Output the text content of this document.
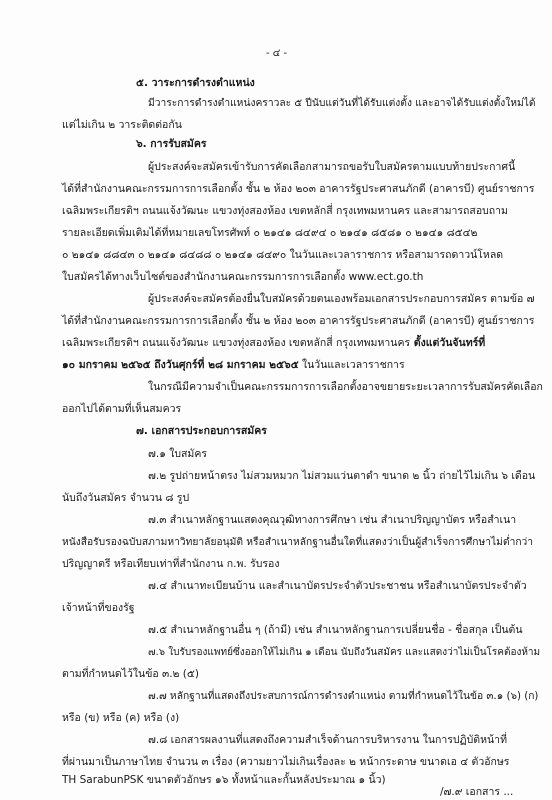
- ๔ -
๕. วาระการดำรงตำแหน่ง
มีวาระการดำรงตำแหน่งคราวละ ๕ ปีนับแต่วันที่ได้รับแต่งตั้ง และอาจได้รับแต่งตั้งใหม่ได้
แต่ไม่เกิน ๒ วาระติดต่อกัน
๖. การรับสมัคร
ผู้ประสงค์จะสมัครเข้ารับการคัดเลือกสามารถขอรับใบสมัครตามแบบท้ายประกาศนี้
ได้ที่สำนักงานคณะกรรมการการเลือกตั้ง ชั้น ๒ ห้อง ๒๐๓ อาคารรัฐประศาสนภักดี (อาคารบี) ศูนย์ราชการ
เฉลิมพระเกียรติฯ ถนนแจ้งวัฒนะ แขวงทุ่งสองห้อง เขตหลักสี่ กรุงเทพมหานคร และสามารถสอบถาม
รายละเอียดเพิ่มเติมได้ที่หมายเลขโทรศัพท์ ๐ ๒๑๔๑ ๘๔๙๔ ๐ ๒๑๔๑ ๘๕๘๑ ๐ ๒๑๔๑ ๘๕๔๒
๐ ๒๑๔๑ ๘๘๔๓ ๐ ๒๑๔๑ ๘๔๘๘ ๐ ๒๑๔๑ ๘๔๙๐ ในวันและเวลาราชการ หรือสามารถดาวน์โหลด
ใบสมัครได้ทางเว็บไซต์ของสำนักงานคณะกรรมการการเลือกตั้ง www.ect.go.th
ผู้ประสงค์จะสมัครต้องยื่นใบสมัครด้วยตนเองพร้อมเอกสารประกอบการสมัคร ตามข้อ ๗
ได้ที่สำนักงานคณะกรรมการการเลือกตั้ง ชั้น ๒ ห้อง ๒๐๓ อาคารรัฐประศาสนภักดี (อาคารบี) ศูนย์ราชการ
เฉลิมพระเกียรติฯ ถนนแจ้งวัฒนะ แขวงทุ่งสองห้อง เขตหลักสี่ กรุงเทพมหานคร ตั้งแต่วันจันทร์ที่
๑๐ มกราคม ๒๕๖๕ ถึงวันศุกร์ที่ ๒๘ มกราคม ๒๕๖๕ ในวันและเวลาราชการ
ในกรณีมีความจำเป็นคณะกรรมการการเลือกตั้งอาจขยายระยะเวลาการรับสมัครคัดเลือก
ออกไปได้ตามที่เห็นสมควร
๗. เอกสารประกอบการสมัคร
๗.๑ ใบสมัคร
๗.๒ รูปถ่ายหน้าตรง ไม่สวมหมวก ไม่สวมแว่นตาดำ ขนาด ๒ นิ้ว ถ่ายไว้ไม่เกิน ๖ เดือน
นับถึงวันสมัคร จำนวน ๘ รูป
๗.๓ สำเนาหลักฐานแสดงคุณวุฒิทางการศึกษา เช่น สำเนาปริญญาบัตร หรือสำเนา
หนังสือรับรองฉบับสภามหาวิทยาลัยอนุมัติ หรือสำเนาหลักฐานอื่นใดที่แสดงว่าเป็นผู้สำเร็จการศึกษาไม่ต่ำกว่า
ปริญญาตรี หรือเทียบเท่าที่สำนักงาน ก.พ. รับรอง
๗.๔ สำเนาทะเบียนบ้าน และสำเนาบัตรประจำตัวประชาชน หรือสำเนาบัตรประจำตัว
เจ้าหน้าที่ของรัฐ
๗.๕ สำเนาหลักฐานอื่น ๆ (ถ้ามี) เช่น สำเนาหลักฐานการเปลี่ยนชื่อ - ชื่อสกุล เป็นต้น
๗.๖ ใบรับรองแพทย์ซึ่งออกให้ไม่เกิน ๑ เดือน นับถึงวันสมัคร และแสดงว่าไม่เป็นโรคต้องห้าม
ตามที่กำหนดไว้ในข้อ ๓.๒ (๕)
๗.๗ หลักฐานที่แสดงถึงประสบการณ์การดำรงตำแหน่ง ตามที่กำหนดไว้ในข้อ ๓.๑ (๖) (ก)
หรือ (ข) หรือ (ค) หรือ (ง)
๗.๘ เอกสารผลงานที่แสดงถึงความสำเร็จด้านการบริหารงาน ในการปฏิบัติหน้าที่
ที่ผ่านมาเป็นภาษาไทย จำนวน ๓ เรื่อง (ความยาวไม่เกินเรื่องละ ๒ หน้ากระดาษ ขนาดเอ ๔ ตัวอักษร
TH SarabunPSK ขนาดตัวอักษร ๑๖ ทั้งหน้าและกั้นหลังประมาณ ๑ นิ้ว)
/๗.๙ เอกสาร ...
